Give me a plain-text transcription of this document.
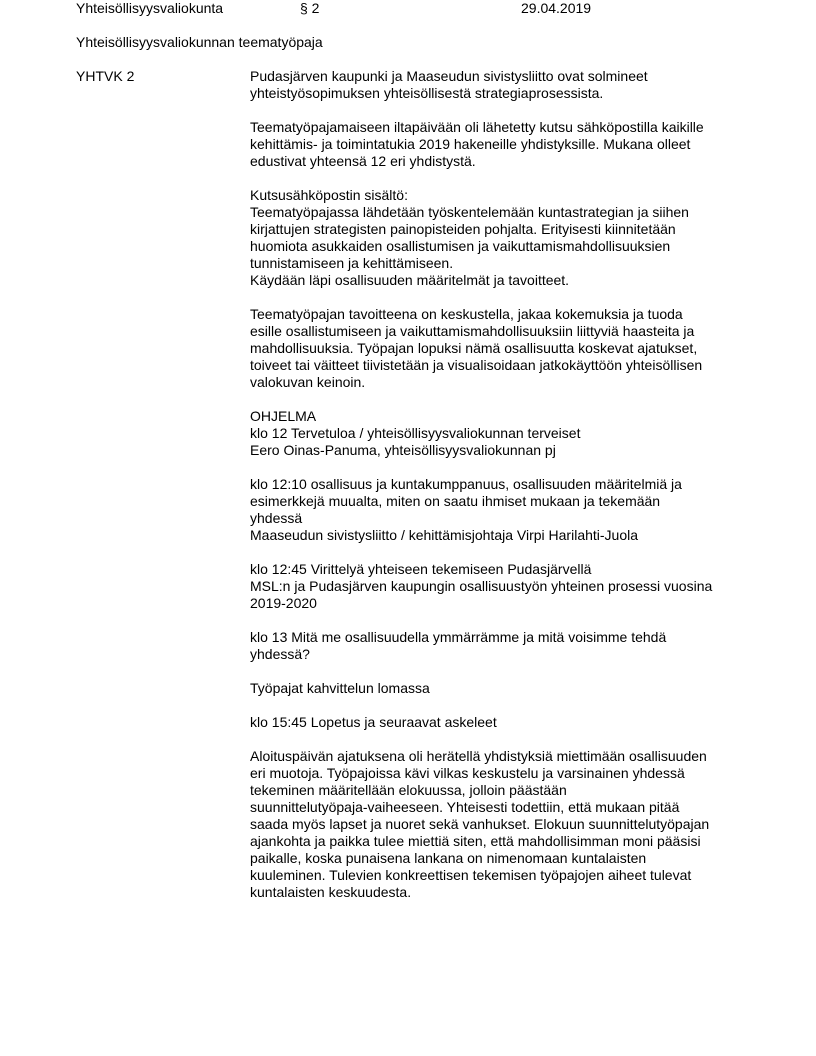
Yhteisöllisyysvaliokunta	§ 2	29.04.2019
Yhteisöllisyysvaliokunnan teematyöpaja
YHTVK 2	Pudasjärven kaupunki ja Maaseudun sivistysliitto ovat solmineet
yhteistyösopimuksen yhteisöllisestä strategiaprosessista.
Teematyöpajamaiseen iltapäivään oli lähetetty kutsu sähköpostilla kaikille
kehittämis- ja toimintatukia 2019 hakeneille yhdistyksille. Mukana olleet
edustivat yhteensä 12 eri yhdistystä.
Kutsusähköpostin sisältö:
Teematyöpajassa lähdetään työskentelemään kuntastrategian ja siihen
kirjattujen strategisten painopisteiden pohjalta. Erityisesti kiinnitetään
huomiota asukkaiden osallistumisen ja vaikuttamismahdollisuuksien
tunnistamiseen ja kehittämiseen.
Käydään läpi osallisuuden määritelmät ja tavoitteet.
Teematyöpajan tavoitteena on keskustella, jakaa kokemuksia ja tuoda
esille osallistumiseen ja vaikuttamismahdollisuuksiin liittyviä haasteita ja
mahdollisuuksia. Työpajan lopuksi nämä osallisuutta koskevat ajatukset,
toiveet tai väitteet tiivistetään ja visualisoidaan jatkokäyttöön yhteisöllisen
valokuvan keinoin.
OHJELMA
klo 12 Tervetuloa / yhteisöllisyysvaliokunnan terveiset
Eero Oinas-Panuma, yhteisöllisyysvaliokunnan pj
klo 12:10 osallisuus ja kuntakumppanuus, osallisuuden määritelmiä ja
esimerkkejä muualta, miten on saatu ihmiset mukaan ja tekemään
yhdessä
Maaseudun sivistysliitto / kehittämisjohtaja Virpi Harilahti-Juola
klo 12:45 Virittelyä yhteiseen tekemiseen Pudasjärvellä
MSL:n ja Pudasjärven kaupungin osallisuustyön yhteinen prosessi vuosina
2019-2020
klo 13 Mitä me osallisuudella ymmärrämme ja mitä voisimme tehdä
yhdessä?
Työpajat kahvittelun lomassa
klo 15:45 Lopetus ja seuraavat askeleet
Aloituspäivän ajatuksena oli herätellä yhdistyksiä miettimään osallisuuden
eri muotoja. Työpajoissa kävi vilkas keskustelu ja varsinainen yhdessä
tekeminen määritellään elokuussa, jolloin päästään
suunnittelutyöpaja-vaiheeseen. Yhteisesti todettiin, että mukaan pitää
saada myös lapset ja nuoret sekä vanhukset. Elokuun suunnittelutyöpajan
ajankohta ja paikka tulee miettiä siten, että mahdollisimman moni pääsisi
paikalle, koska punaisena lankana on nimenomaan kuntalaisten
kuuleminen. Tulevien konkreettisen tekemisen työpajojen aiheet tulevat
kuntalaisten keskuudesta.
